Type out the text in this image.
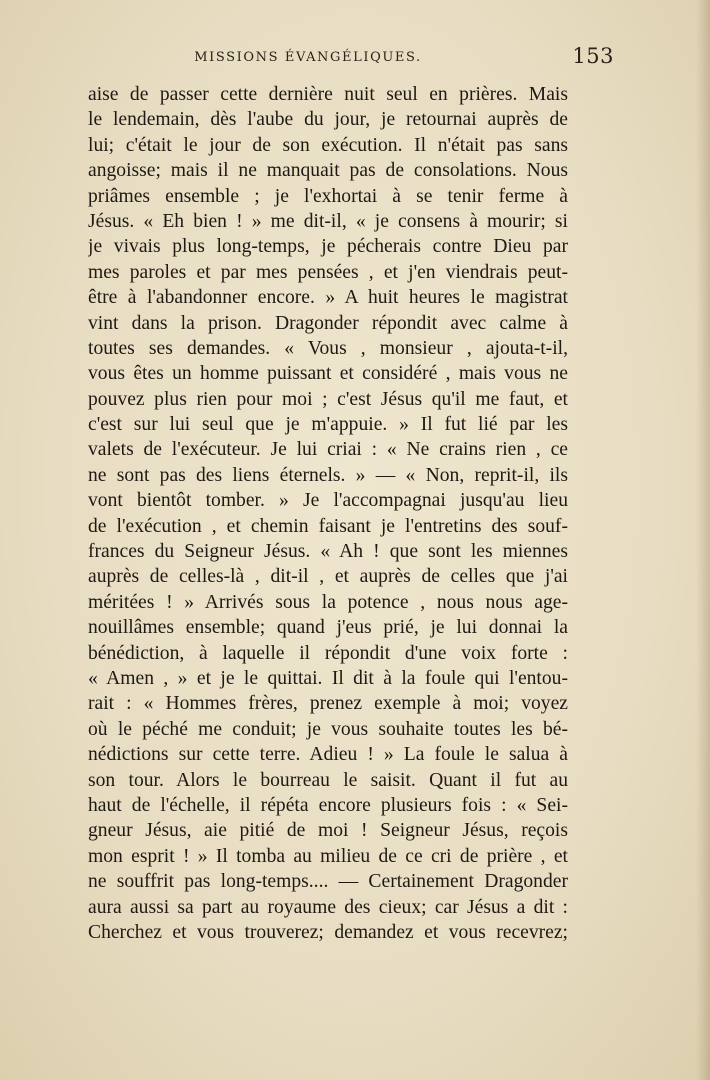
MISSIONS ÉVANGÉLIQUES.	153
aise de passer cette dernière nuit seul en prières. Mais
le lendemain, dès l'aube du jour, je retournai auprès de
lui; c'était le jour de son exécution. Il n'était pas sans
angoisse; mais il ne manquait pas de consolations. Nous
priâmes ensemble ; je l'exhortai à se tenir ferme à
Jésus. « Eh bien ! » me dit-il, « je consens à mourir; si
je vivais plus long-temps, je pécherais contre Dieu par
mes paroles et par mes pensées , et j'en viendrais peut-
être à l'abandonner encore. » A huit heures le magistrat
vint dans la prison. Dragonder répondit avec calme à
toutes ses demandes. « Vous , monsieur , ajouta-t-il,
vous êtes un homme puissant et considéré , mais vous ne
pouvez plus rien pour moi ; c'est Jésus qu'il me faut, et
c'est sur lui seul que je m'appuie. » Il fut lié par les
valets de l'exécuteur. Je lui criai : « Ne crains rien , ce
ne sont pas des liens éternels. » — « Non, reprit-il, ils
vont bientôt tomber. » Je l'accompagnai jusqu'au lieu
de l'exécution , et chemin faisant je l'entretins des souf-
frances du Seigneur Jésus. « Ah ! que sont les miennes
auprès de celles-là , dit-il , et auprès de celles que j'ai
méritées ! » Arrivés sous la potence , nous nous age-
nouillâmes ensemble; quand j'eus prié, je lui donnai la
bénédiction, à laquelle il répondit d'une voix forte :
« Amen , » et je le quittai. Il dit à la foule qui l'entou-
rait : « Hommes frères, prenez exemple à moi; voyez
où le péché me conduit; je vous souhaite toutes les bé-
nédictions sur cette terre. Adieu ! » La foule le salua à
son tour. Alors le bourreau le saisit. Quant il fut au
haut de l'échelle, il répéta encore plusieurs fois : « Sei-
gneur Jésus, aie pitié de moi ! Seigneur Jésus, reçois
mon esprit ! » Il tomba au milieu de ce cri de prière , et
ne souffrit pas long-temps.... — Certainement Dragonder
aura aussi sa part au royaume des cieux; car Jésus a dit :
Cherchez et vous trouverez; demandez et vous recevrez;
